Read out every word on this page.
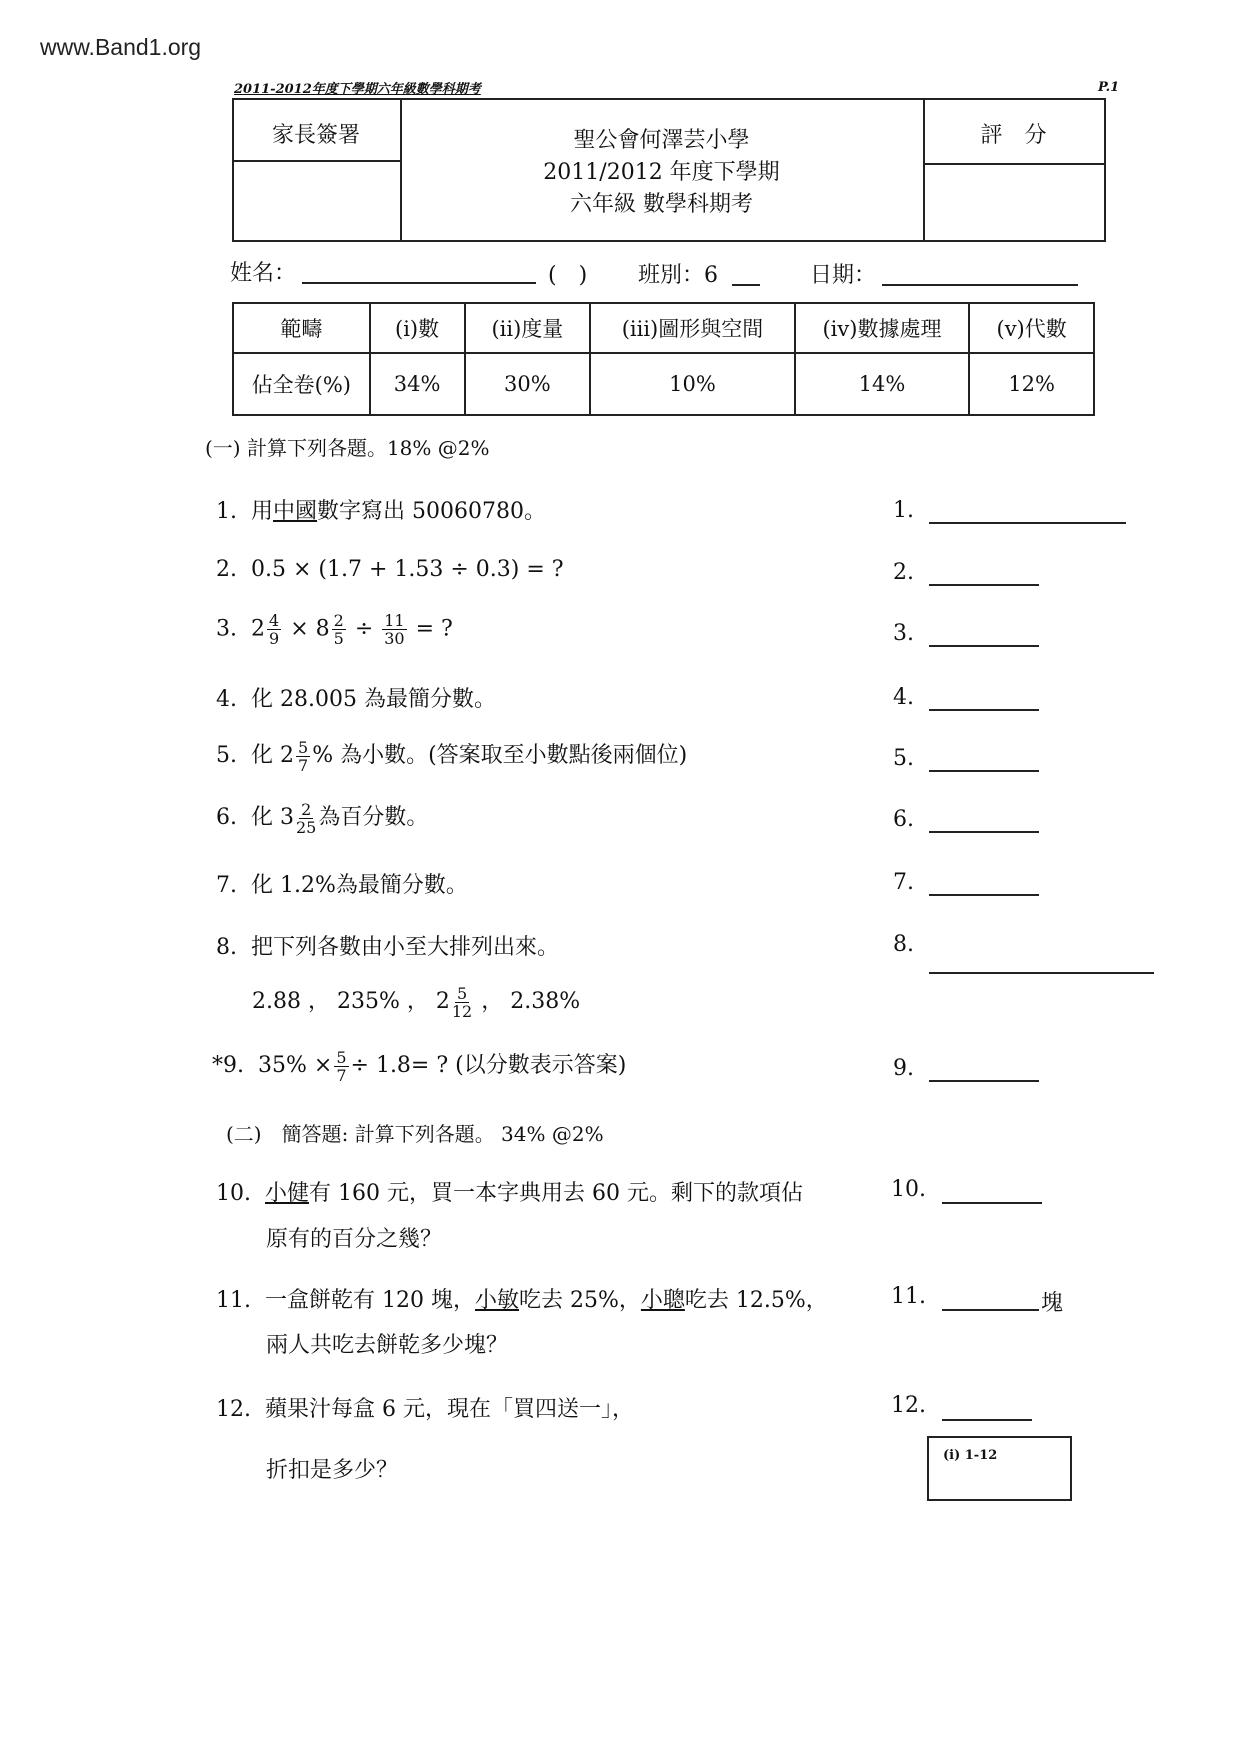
www.Band1.org
2011-2012年度下學期六年級數學科期考	P.1
家長簽署	評　分
聖公會何澤芸小學
2011/2012 年度下學期
六年級 數學科期考
姓名：	(　) 班別：6	日期：
範疇	(i)數	(ii)度量	(iii)圖形與空間	(iv)數據處理	(v)代數
佔全卷(%)	34%	30%	10%	14%	12%
(一) 計算下列各題。18% @2%
1. 用中國數字寫出 50060780。
2. 0.5 × (1.7 + 1.53 ÷ 0.3) = ?
3. $2 \frac{4}{9} \times 8 \frac{2}{5} \div \frac{11}{30}$ = ?
4. 化 28.005 為最簡分數。
5. 化 $2 \frac{5}{7}$ % 為小數。(答案取至小數點後兩個位)
6. 化 $3 \frac{2}{25}$ 為百分數。
7. 化 1.2%為最簡分數。
8. 把下列各數由小至大排列出來。
2.88 ， 235% ， $2 \frac{5}{12}$ ， 2.38%
*9. $35\% \times \frac{5}{7} \div 1.8=$ ? (以分數表示答案)
1.
2.
3.
4.
5.
6.
7.
8.
9.
(二)　簡答題: 計算下列各題。 34% @2%
10. 小健有 160 元，買一本字典用去 60 元。剩下的款項佔
原有的百分之幾？
11. 一盒餅乾有 120 塊，小敏吃去 25%，小聰吃去 12.5%，
兩人共吃去餅乾多少塊？
12. 蘋果汁每盒 6 元，現在「買四送一」，
折扣是多少？
10.
11.	塊
12.
(i) 1-12
